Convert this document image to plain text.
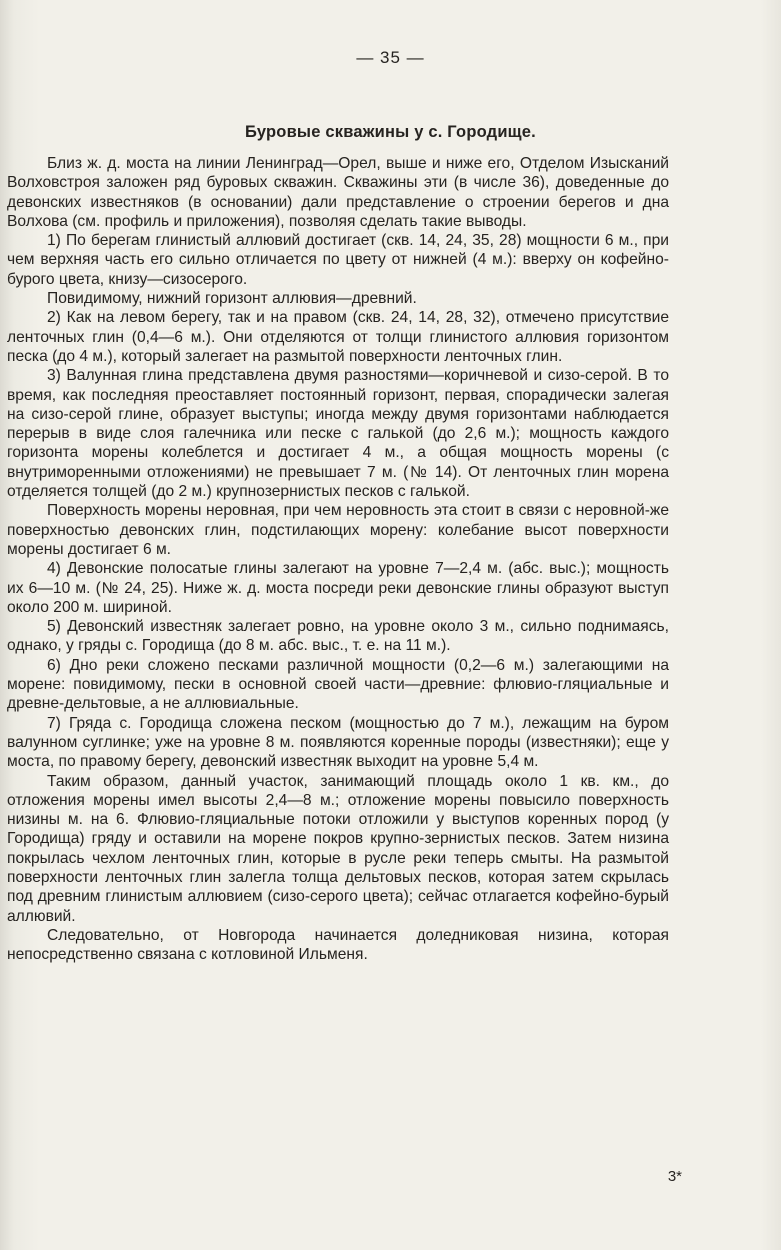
— 35 —
Буровые скважины у с. Городище.

Близ ж. д. моста на линии Ленинград—Орел, выше и ниже его, Отделом Изысканий Волховстроя заложен ряд буровых скважин. Скважины эти (в числе 36), доведенные до девонских известняков (в основании) дали представление о строении берегов и дна Волхова (см. профиль и приложения), позволяя сделать такие выводы.

1) По берегам глинистый аллювий достигает (скв. 14, 24, 35, 28) мощности 6 м., при чем верхняя часть его сильно отличается по цвету от нижней (4 м.): вверху он кофейно-бурого цвета, книзу—сизосерого.

Повидимому, нижний горизонт аллювия—древний.

2) Как на левом берегу, так и на правом (скв. 24, 14, 28, 32), отмечено присутствие ленточных глин (0,4—6 м.). Они отделяются от толщи глинистого аллювия горизонтом песка (до 4 м.), который залегает на размытой поверхности ленточных глин.

3) Валунная глина представлена двумя разностями—коричневой и сизо-серой. В то время, как последняя преоставляет постоянный горизонт, первая, спорадически залегая на сизо-серой глине, образует выступы; иногда между двумя горизонтами наблюдается перерыв в виде слоя галечника или песке с галькой (до 2,6 м.); мощность каждого горизонта морены колеблется и достигает 4 м., а общая мощность морены (с внутриморенными отложениями) не превышает 7 м. (№ 14). От ленточных глин морена отделяется толщей (до 2 м.) крупнозернистых песков с галькой.

Поверхность морены неровная, при чем неровность эта стоит в связи с неровной-же поверхностью девонских глин, подстилающих морену: колебание высот поверхности морены достигает 6 м.

4) Девонские полосатые глины залегают на уровне 7—2,4 м. (абс. выс.); мощность их 6—10 м. (№ 24, 25). Ниже ж. д. моста посреди реки девонские глины образуют выступ около 200 м. шириной.

5) Девонский известняк залегает ровно, на уровне около 3 м., сильно поднимаясь, однако, у гряды с. Городища (до 8 м. абс. выс., т. е. на 11 м.).

6) Дно реки сложено песками различной мощности (0,2—6 м.) залегающими на морене: повидимому, пески в основной своей части—древние: флювио-гляциальные и древне-дельтовые, а не аллювиальные.

7) Гряда с. Городища сложена песком (мощностью до 7 м.), лежащим на буром валунном суглинке; уже на уровне 8 м. появляются коренные породы (известняки); еще у моста, по правому берегу, девонский известняк выходит на уровне 5,4 м.

Таким образом, данный участок, занимающий площадь около 1 кв. км., до отложения морены имел высоты 2,4—8 м.; отложение морены повысило поверхность низины м. на 6. Флювио-гляциальные потоки отложили у выступов коренных пород (у Городища) гряду и оставили на морене покров крупно-зернистых песков. Затем низина покрылась чехлом ленточных глин, которые в русле реки теперь смыты. На размытой поверхности ленточных глин залегла толща дельтовых песков, которая затем скрылась под древним глинистым аллювием (сизо-серого цвета); сейчас отлагается кофейно-бурый аллювий.

Следовательно, от Новгорода начинается доледниковая низина, которая непосредственно связана с котловиной Ильменя.

3*
